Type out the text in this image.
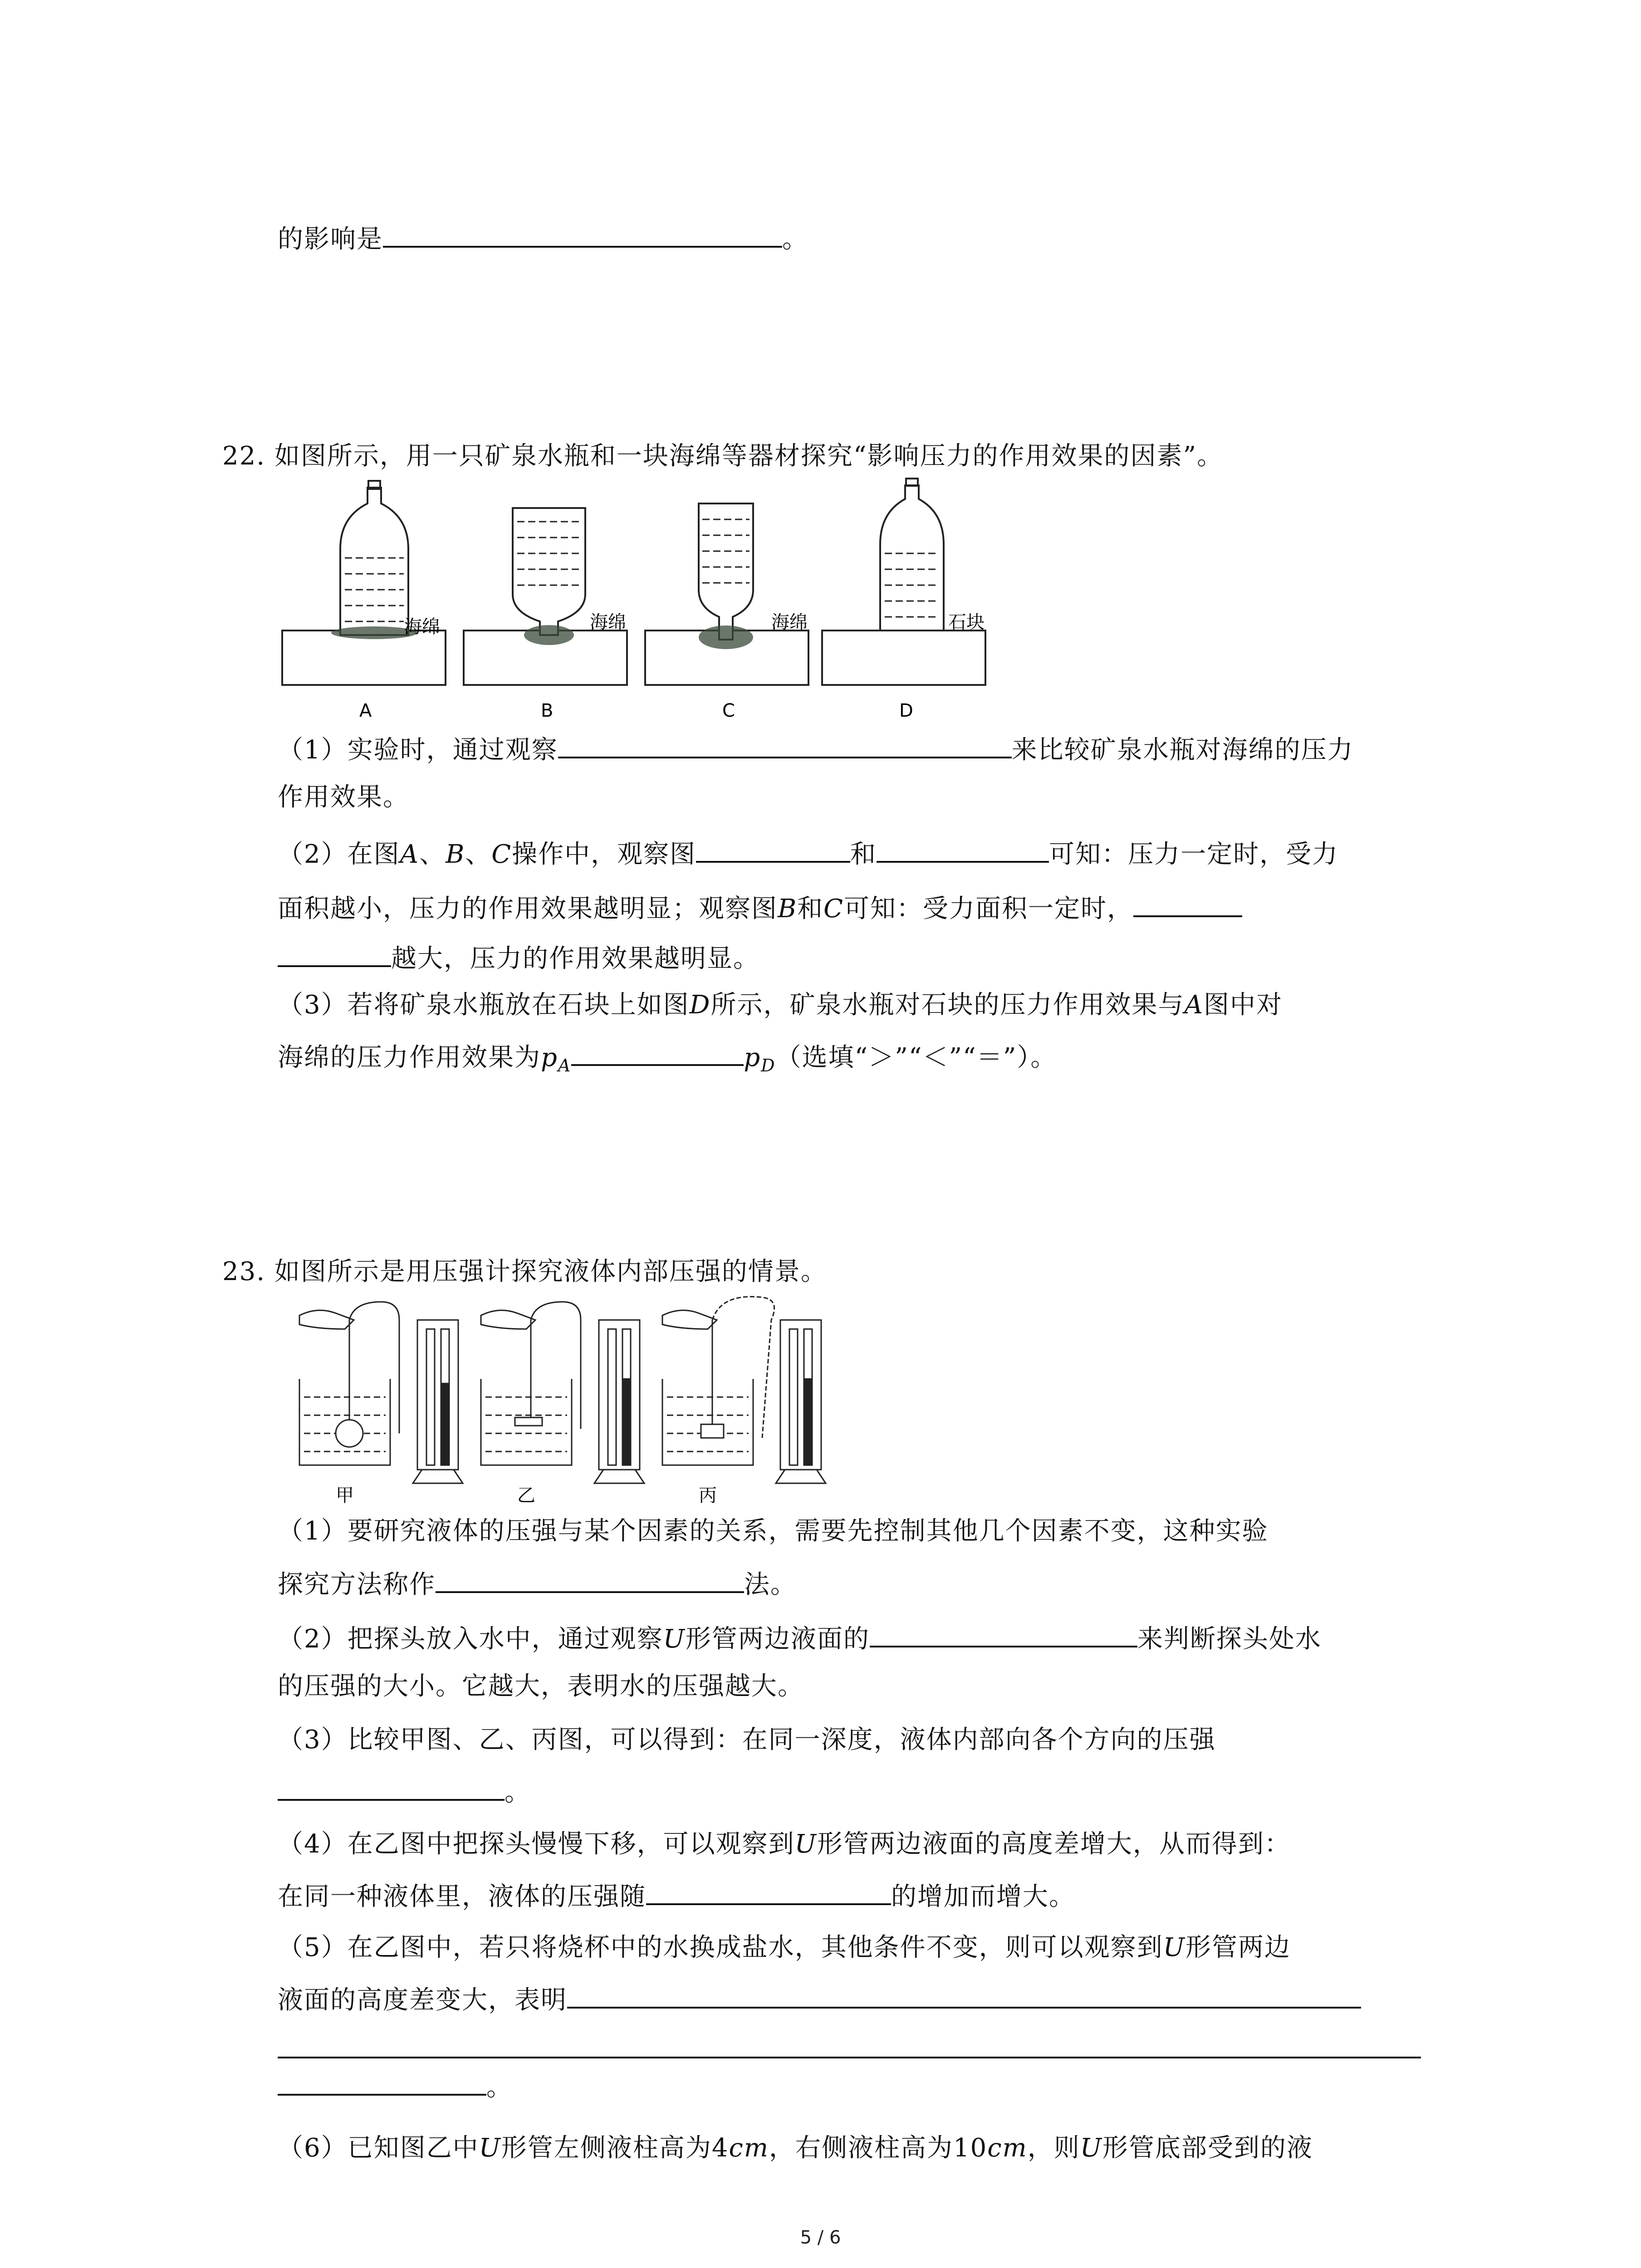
的影响是	。
22. 如图所示，用一只矿泉水瓶和一块海绵等器材探究“影响压力的作用效果的因素”。
海绵	海绵	海绵	石块
A	B	C	D
（1）实验时，通过观察	来比较矿泉水瓶对海绵的压力
作用效果。
（2）在图A、B、C操作中，观察图	和	可知：压力一定时，受力
面积越小，压力的作用效果越明显；观察图B和C可知：受力面积一定时，
越大，压力的作用效果越明显。
（3）若将矿泉水瓶放在石块上如图D所示，矿泉水瓶对石块的压力作用效果与A图中对
海绵的压力作用效果为$p_A$	$p_D$（选填“＞”“＜”“＝”）。
23. 如图所示是用压强计探究液体内部压强的情景。
甲	乙	丙
（1）要研究液体的压强与某个因素的关系，需要先控制其他几个因素不变，这种实验
探究方法称作	法。
（2）把探头放入水中，通过观察U形管两边液面的	来判断探头处水
的压强的大小。它越大，表明水的压强越大。
（3）比较甲图、乙、丙图，可以得到：在同一深度，液体内部向各个方向的压强
。
（4）在乙图中把探头慢慢下移，可以观察到U形管两边液面的高度差增大，从而得到：
在同一种液体里，液体的压强随	的增加而增大。
（5）在乙图中，若只将烧杯中的水换成盐水，其他条件不变，则可以观察到U形管两边
液面的高度差变大，表明
。
（6）已知图乙中U形管左侧液柱高为4cm，右侧液柱高为10cm，则U形管底部受到的液
5 / 6
